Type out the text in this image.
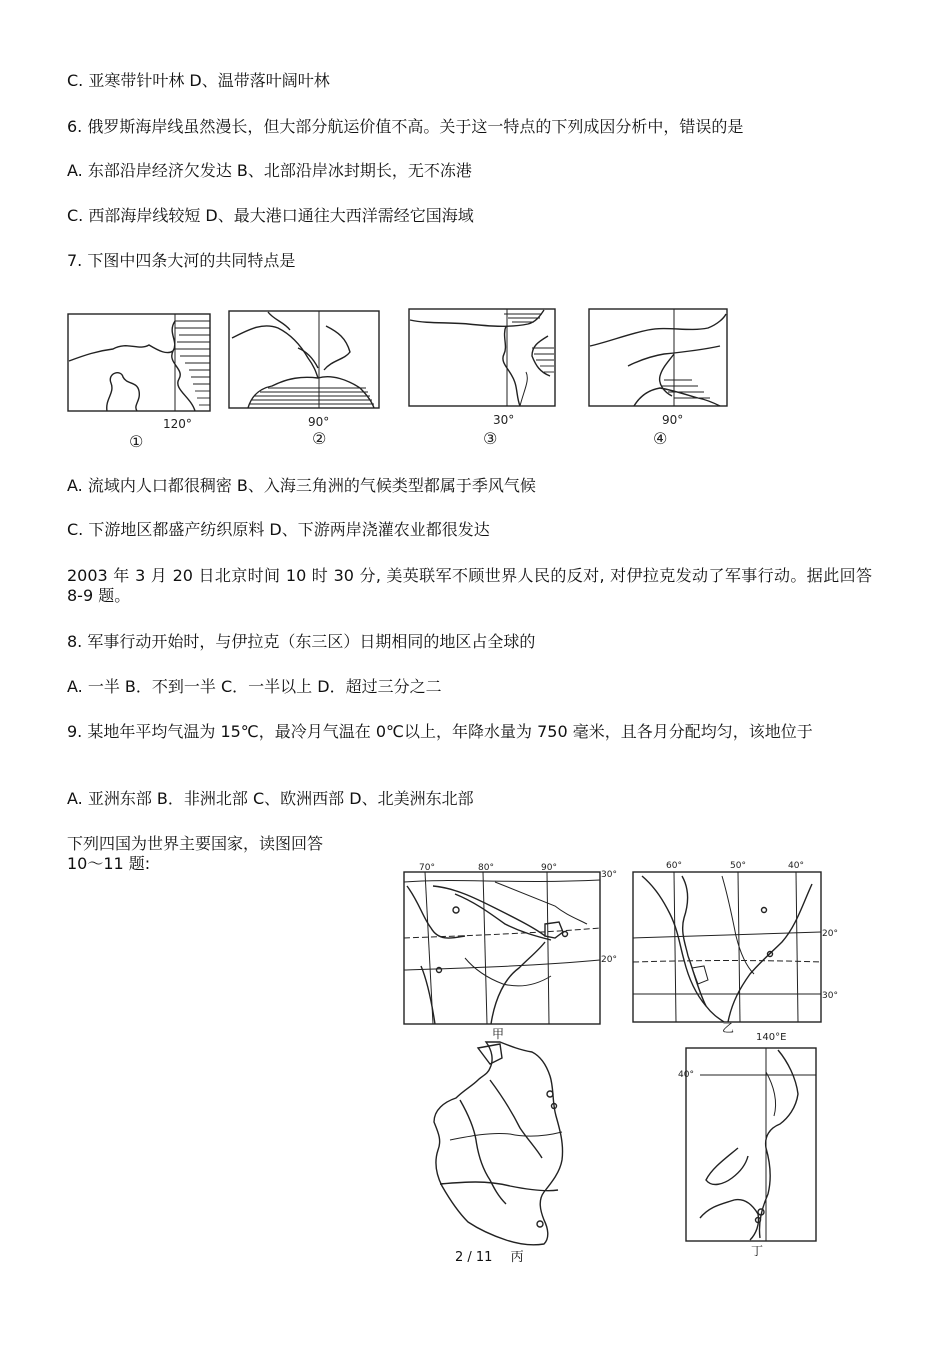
C. 亚寒带针叶林 D、温带落叶阔叶林
6. 俄罗斯海岸线虽然漫长，但大部分航运价值不高。关于这一特点的下列成因分析中，错误的是
A. 东部沿岸经济欠发达 B、北部沿岸冰封期长，无不冻港
C. 西部海岸线较短 D、最大港口通往大西洋需经它国海域
7. 下图中四条大河的共同特点是
120°
①
90°
②
30°
③
90°
④
A. 流域内人口都很稠密 B、入海三角洲的气候类型都属于季风气候
C. 下游地区都盛产纺织原料 D、下游两岸浇灌农业都很发达
2003 年 3 月 20 日北京时间 10 时 30 分, 美英联军不顾世界人民的反对, 对伊拉克发动了军事行动。据此回答 8-9 题。
8. 军事行动开始时，与伊拉克（东三区）日期相同的地区占全球的
A. 一半 B．不到一半 C．一半以上 D．超过三分之二
9. 某地年平均气温为 15℃，最冷月气温在 0℃以上，年降水量为 750 毫米，且各月分配均匀，该地位于
A. 亚洲东部 B．非洲北部 C、欧洲西部 D、北美洲东北部
下列四国为世界主要国家，读图回答
10～11 题:	70°	80°	90°
30°
20°
甲
60°	50°	40°
20°
30°
乙
140°E
40°
丁
2 / 11 丙
